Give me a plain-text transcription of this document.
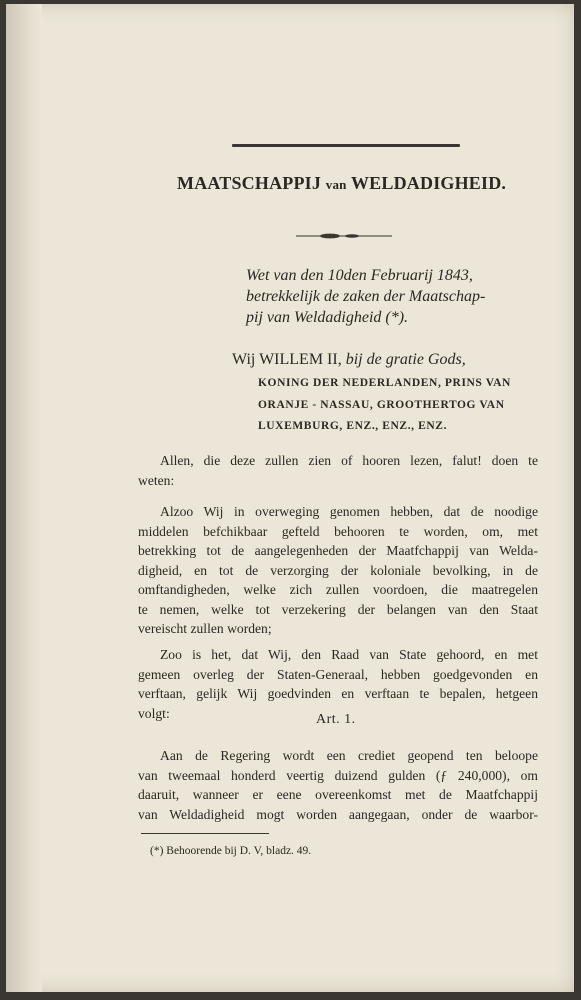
MAATSCHAPPIJ van WELDADIGHEID.
Wet van den 10den Februarij 1843,
betrekkelijk de zaken der Maatschap-
pij van Weldadigheid (*).
Wij WILLEM II, bij de gratie Gods,
KONING DER NEDERLANDEN, PRINS VAN
ORANJE - NASSAU, GROOTHERTOG VAN
LUXEMBURG, ENZ., ENZ., ENZ.
Allen, die deze zullen zien of hooren lezen, falut! doen te
weten:
Alzoo Wij in overweging genomen hebben, dat de noodige
middelen befchikbaar gefteld behooren te worden, om, met
betrekking tot de aangelegenheden der Maatfchappij van Welda-
digheid, en tot de verzorging der koloniale bevolking, in de
omftandigheden, welke zich zullen voordoen, die maatregelen
te nemen, welke tot verzekering der belangen van den Staat
vereischt zullen worden;
Zoo is het, dat Wij, den Raad van State gehoord, en met
gemeen overleg der Staten-Generaal, hebben goedgevonden en
verftaan, gelijk Wij goedvinden en verftaan te bepalen, hetgeen
volgt:	Art. 1.
Aan de Regering wordt een crediet geopend ten beloope
van tweemaal honderd veertig duizend gulden (ƒ 240,000), om
daaruit, wanneer er eene overeenkomst met de Maatfchappij
van Weldadigheid mogt worden aangegaan, onder de waarbor-
(*) Behoorende bij D. V, bladz. 49.
